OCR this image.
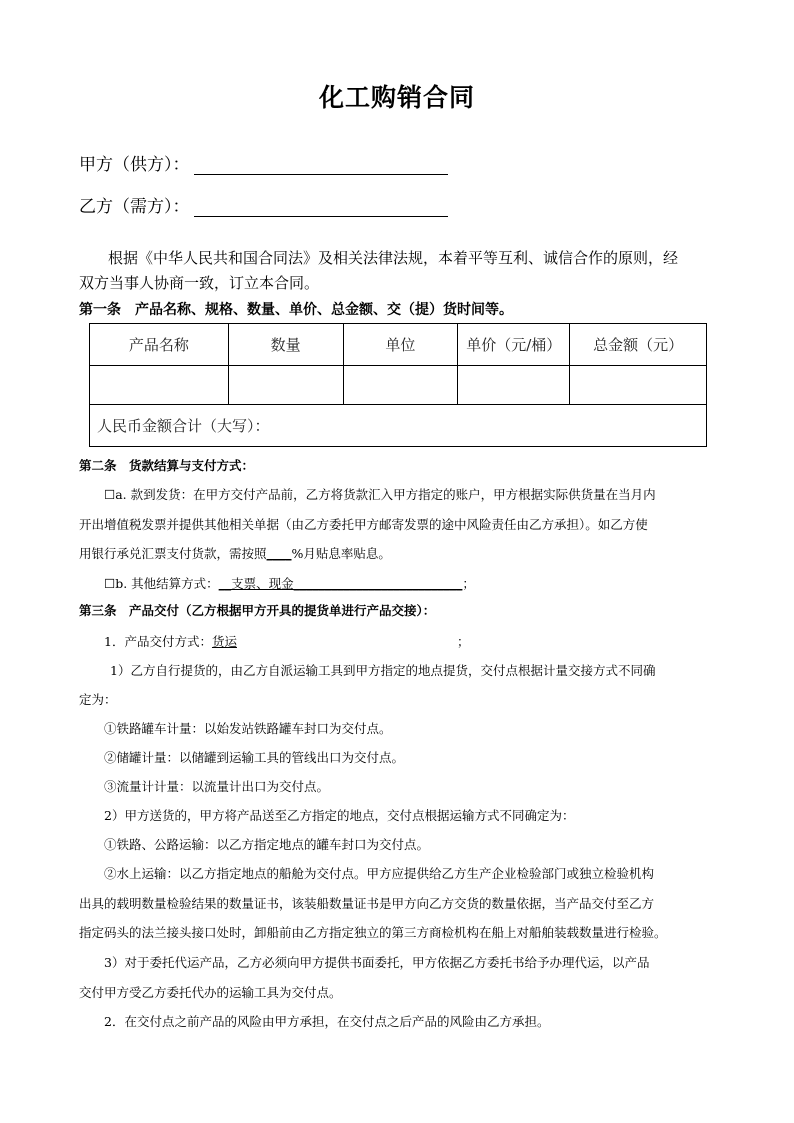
化工购销合同
甲方（供方）：
乙方（需方）：
根据《中华人民共和国合同法》及相关法律法规，本着平等互利、诚信合作的原则，经
双方当事人协商一致，订立本合同。
第一条　产品名称、规格、数量、单价、总金额、交（提）货时间等。
产品名称	数量	单位	单价（元/桶）	总金额（元）

人民币金额合计（大写）：				
第二条　货款结算与支付方式：
☐a. 款到发货：在甲方交付产品前，乙方将货款汇入甲方指定的账户，甲方根据实际供货量在当月内
开出增值税发票并提供其他相关单据（由乙方委托甲方邮寄发票的途中风险责任由乙方承担）。如乙方使
用银行承兑汇票支付货款，需按照____%月贴息率贴息。
☐b. 其他结算方式：__支票、现金___________________________；
第三条　产品交付（乙方根据甲方开具的提货单进行产品交接）：
1．产品交付方式：货运	；
1）乙方自行提货的，由乙方自派运输工具到甲方指定的地点提货，交付点根据计量交接方式不同确
定为：
①铁路罐车计量：以始发站铁路罐车封口为交付点。
②储罐计量：以储罐到运输工具的管线出口为交付点。
③流量计计量：以流量计出口为交付点。
2）甲方送货的，甲方将产品送至乙方指定的地点，交付点根据运输方式不同确定为：
①铁路、公路运输：以乙方指定地点的罐车封口为交付点。
②水上运输：以乙方指定地点的船舱为交付点。甲方应提供给乙方生产企业检验部门或独立检验机构
出具的载明数量检验结果的数量证书，该装船数量证书是甲方向乙方交货的数量依据，当产品交付至乙方
指定码头的法兰接头接口处时，卸船前由乙方指定独立的第三方商检机构在船上对船舶装载数量进行检验。
3）对于委托代运产品，乙方必须向甲方提供书面委托，甲方依据乙方委托书给予办理代运，以产品
交付甲方受乙方委托代办的运输工具为交付点。
2．在交付点之前产品的风险由甲方承担，在交付点之后产品的风险由乙方承担。
